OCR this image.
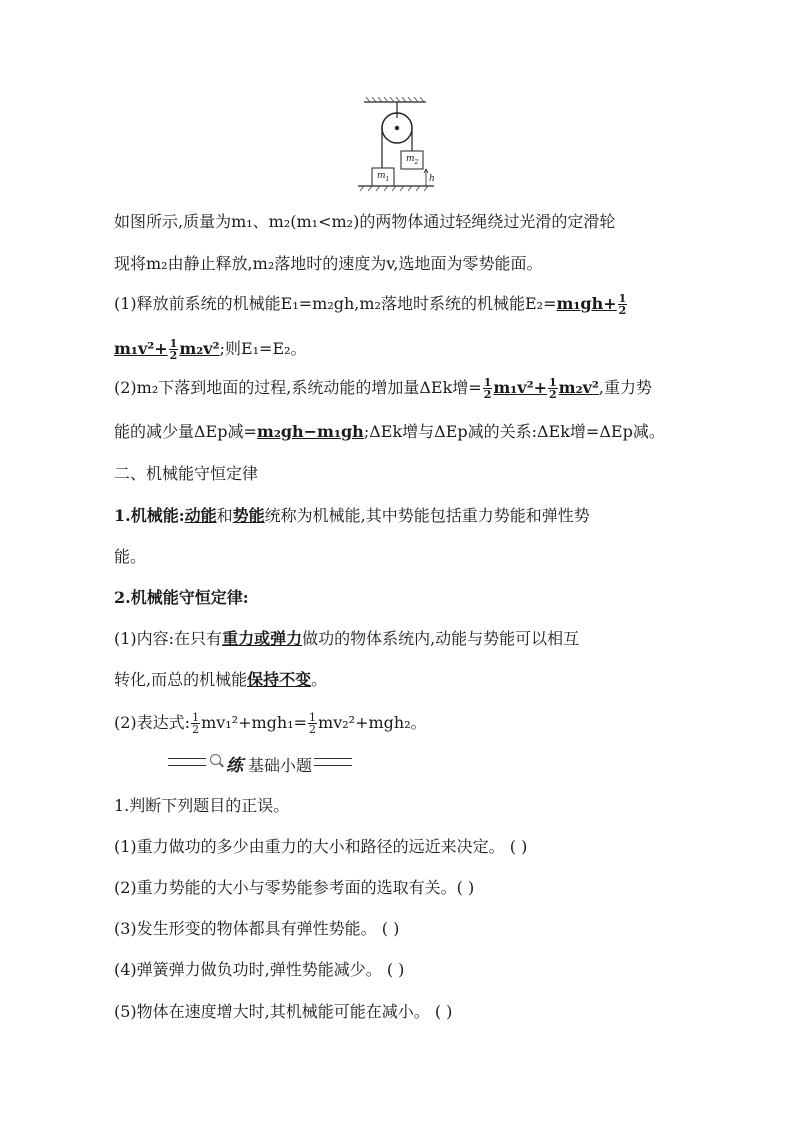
$m_1$
$m_2$
h
如图所示,质量为m₁、m₂(m₁<m₂)的两物体通过轻绳绕过光滑的定滑轮
现将m₂由静止释放,m₂落地时的速度为v,选地面为零势能面。
(1)释放前系统的机械能E₁=m₂gh,m₂落地时系统的机械能$E_2=m_1gh+ \frac{1}{2}$
$m_1v^2+ \frac{1}{2} m_2v^2$;则E₁=E₂。
(2)m₂下落到地面的过程,系统动能的增加量ΔEk增= $\frac{1}{2} m_1v^2+ \frac{1}{2} m_2v^2$,重力势
能的减少量ΔEp减=m₂gh−m₁gh;ΔEk增与ΔEp减的关系:ΔEk增=ΔEp减。
二、机械能守恒定律
1.机械能:动能和势能统称为机械能,其中势能包括重力势能和弹性势
能。
2.机械能守恒定律:
(1)内容:在只有重力或弹力做功的物体系统内,动能与势能可以相互
转化,而总的机械能保持不变。
(2)表达式: $\frac{1}{2} mv_1^2+mgh_1= \frac{1}{2} mv_2^2+mgh_2$。
练 基础小题
1.判断下列题目的正误。
(1)重力做功的多少由重力的大小和路径的远近来决定。 ( )
(2)重力势能的大小与零势能参考面的选取有关。( )
(3)发生形变的物体都具有弹性势能。 ( )
(4)弹簧弹力做负功时,弹性势能减少。 ( )
(5)物体在速度增大时,其机械能可能在减小。 ( )
